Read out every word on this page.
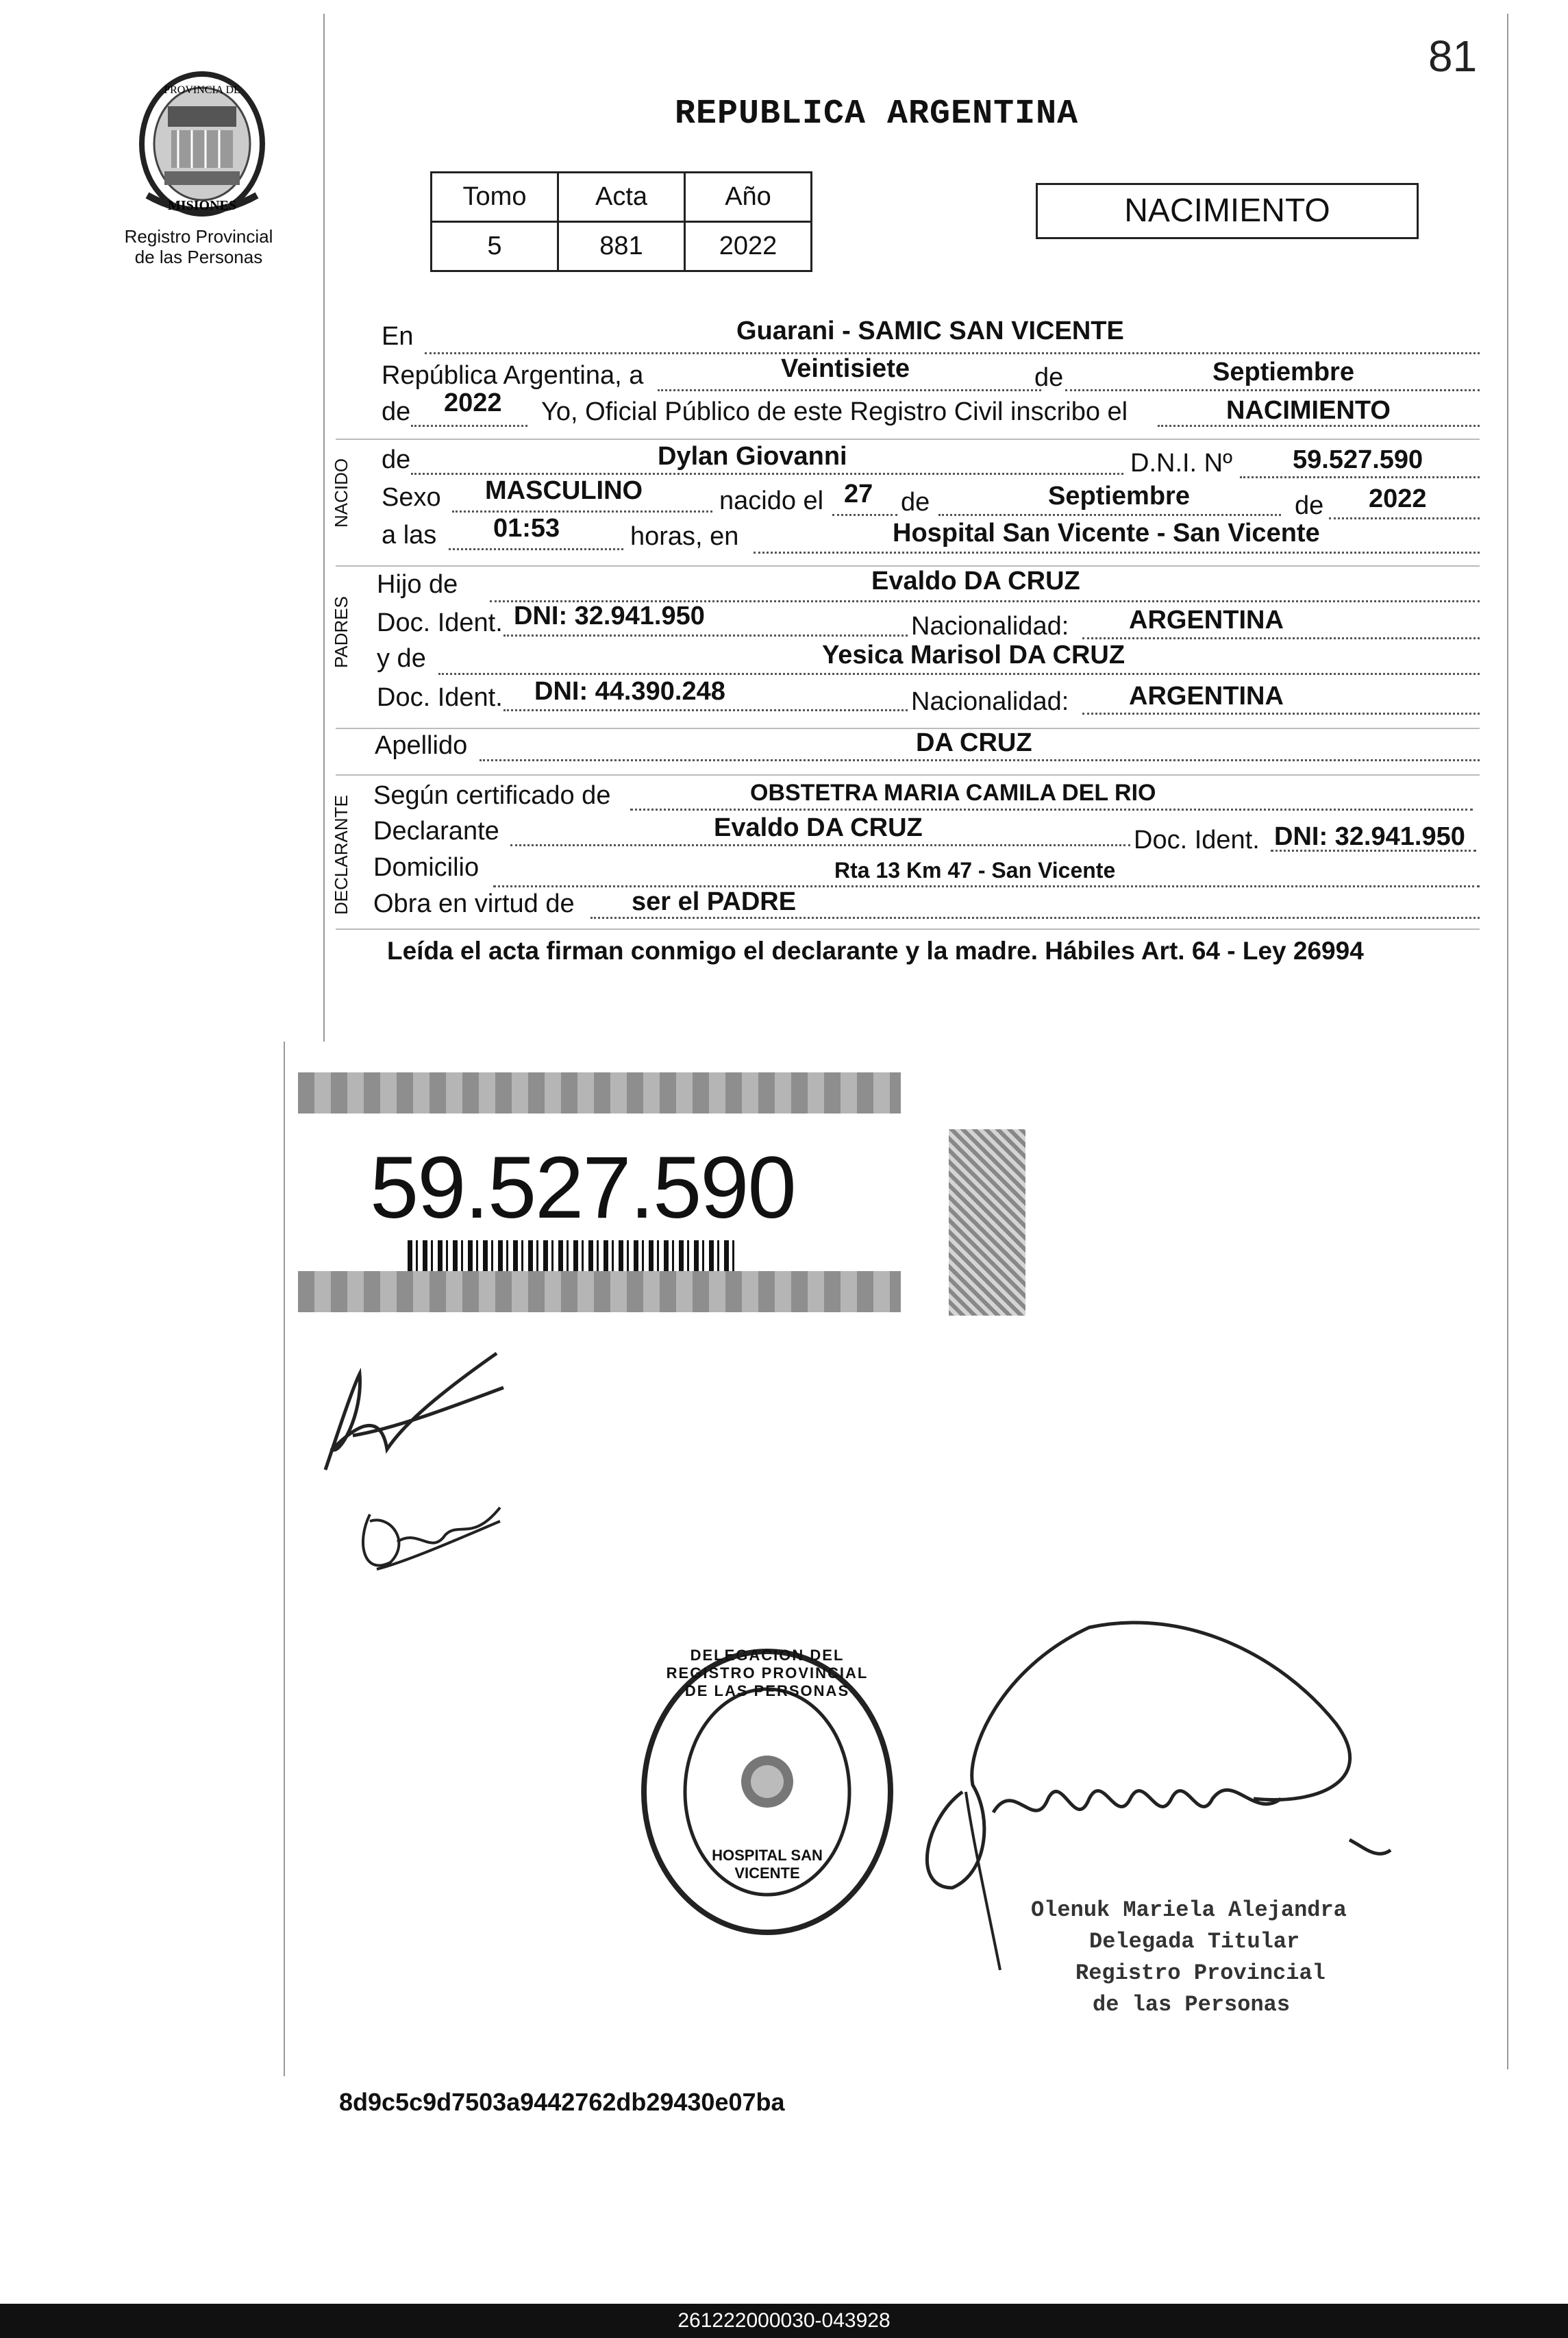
81
PROVINCIA DE
MISIONES
Registro Provincial
de las Personas
REPUBLICA ARGENTINA
Tomo	Acta	Año
5	881	2022
NACIMIENTO
En	Guarani - SAMIC SAN VICENTE
República Argentina, a	Veintisiete	de	Septiembre
de 2022 Yo, Oficial Público de este Registro Civil inscribo el	NACIMIENTO
NACIDO de	Dylan Giovanni	D.N.I. Nº 59.527.590
Sexo MASCULINO	nacido el 27 de	Septiembre	de 2022
a las 01:53	horas, en	Hospital San Vicente - San Vicente
PADRES
Hijo de	Evaldo DA CRUZ
Doc. Ident. DNI: 32.941.950	Nacionalidad: ARGENTINA
y de	Yesica Marisol DA CRUZ
Doc. Ident. DNI: 44.390.248	Nacionalidad: ARGENTINA
Apellido	DA CRUZ
DECLARANTE Según certificado de	OBSTETRA MARIA CAMILA DEL RIO
Declarante	Evaldo DA CRUZ	Doc. Ident. DNI: 32.941.950
Domicilio	Rta 13 Km 47 - San Vicente
Obra en virtud de ser el PADRE
Leída el acta firman conmigo el declarante y la madre. Hábiles Art. 64 - Ley 26994
59.527.590
DELEGACION DEL REGISTRO PROVINCIAL DE LAS PERSONAS
HOSPITAL SAN VICENTE
Olenuk Mariela Alejandra
Delegada Titular
Registro Provincial
de las Personas
8d9c5c9d7503a9442762db29430e07ba
261222000030-043928
